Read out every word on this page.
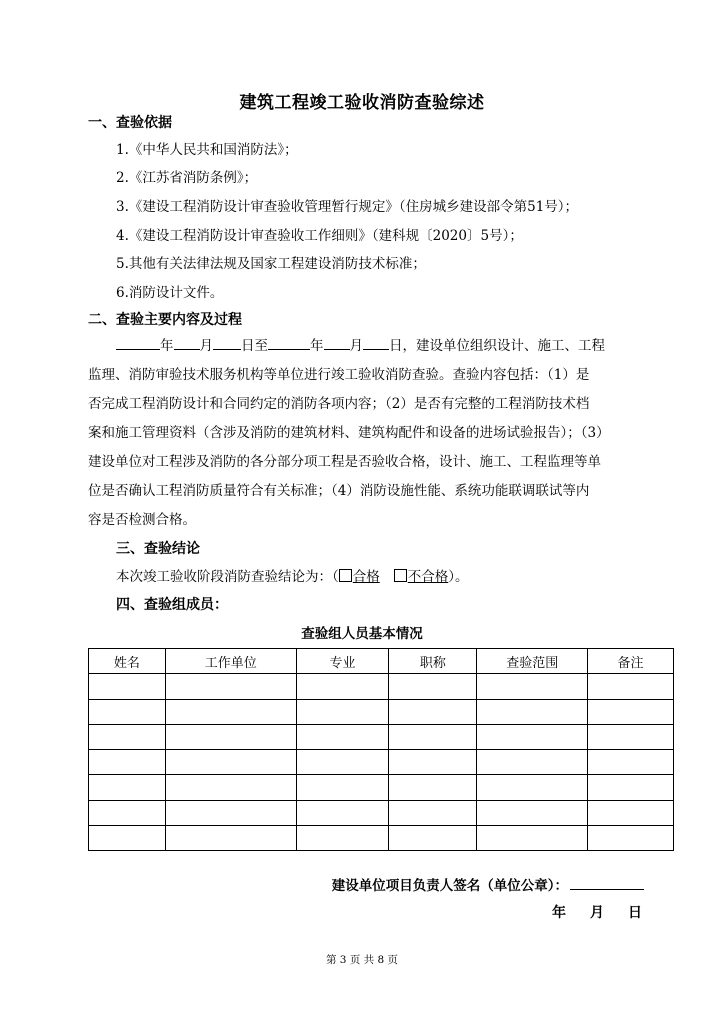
建筑工程竣工验收消防查验综述
一、查验依据
1.《中华人民共和国消防法》；
2.《江苏省消防条例》；
3.《建设工程消防设计审查验收管理暂行规定》（住房城乡建设部令第51号）；
4.《建设工程消防设计审查验收工作细则》（建科规〔2020〕5号）；
5.其他有关法律法规及国家工程建设消防技术标准；
6.消防设计文件。
二、查验主要内容及过程

年 月 日至	年 月 日，建设单位组织设计、施工、工程

监理、消防审验技术服务机构等单位进行竣工验收消防查验。查验内容包括：（1）是

否完成工程消防设计和合同约定的消防各项内容；（2）是否有完整的工程消防技术档

案和施工管理资料（含涉及消防的建筑材料、建筑构配件和设备的进场试验报告）；（3）

建设单位对工程涉及消防的各分部分项工程是否验收合格，设计、施工、工程监理等单

位是否确认工程消防质量符合有关标准；（4）消防设施性能、系统功能联调联试等内

容是否检测合格。

三、查验结论
本次竣工验收阶段消防查验结论为：（ 合格 不合格）。
四、查验组成员：
查验组人员基本情况
姓名	工作单位	专业	职称	查验范围	备注

建设单位项目负责人签名（单位公章）：
年 月 日
第 3 页 共 8 页
